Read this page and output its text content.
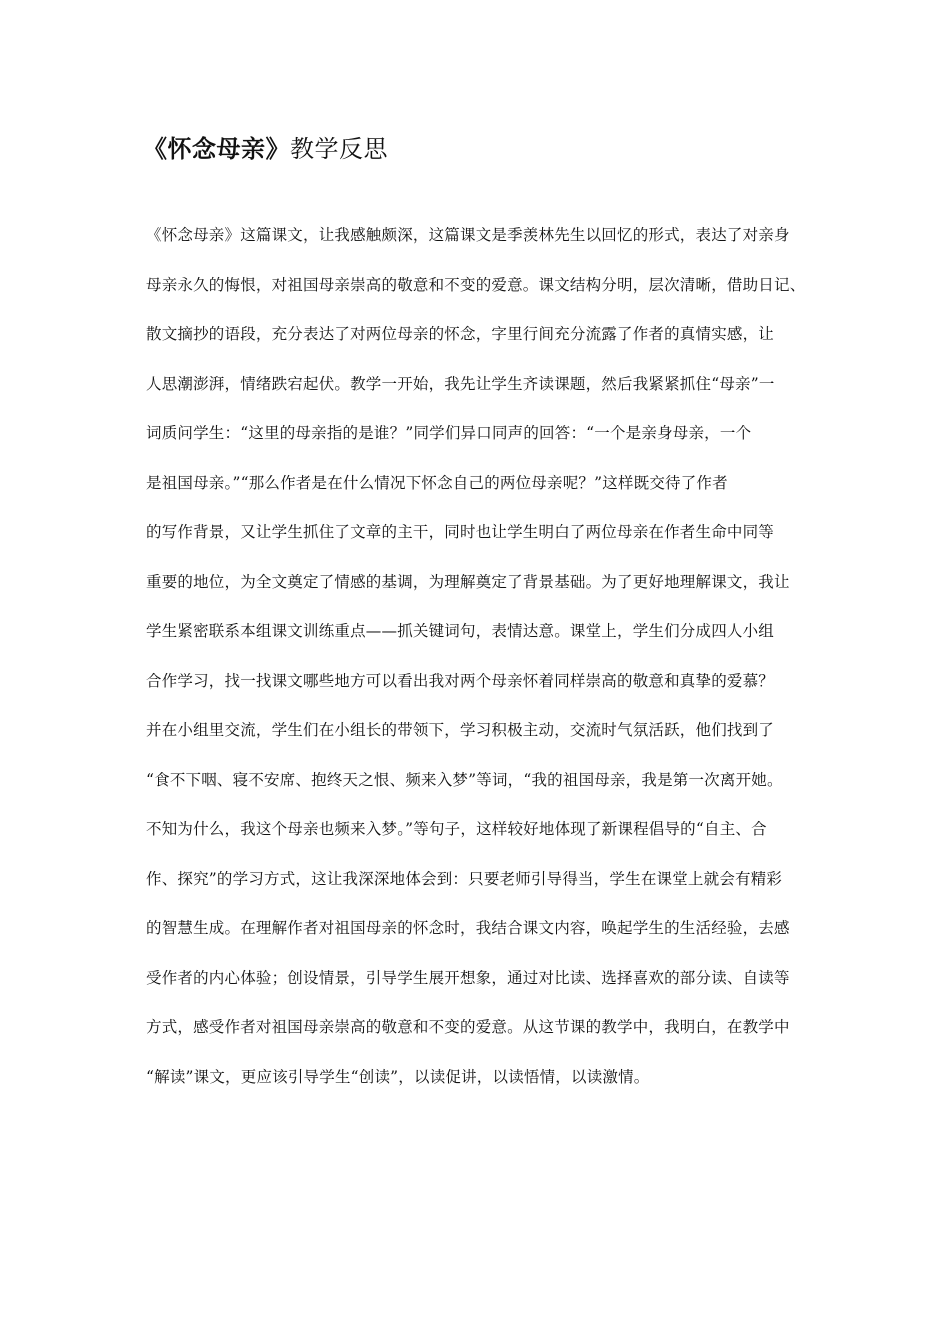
《怀念母亲》教学反思
《怀念母亲》这篇课文，让我感触颇深，这篇课文是季羡林先生以回忆的形式，表达了对亲身
母亲永久的悔恨，对祖国母亲崇高的敬意和不变的爱意。课文结构分明，层次清晰，借助日记、
散文摘抄的语段，充分表达了对两位母亲的怀念，字里行间充分流露了作者的真情实感，让
人思潮澎湃，情绪跌宕起伏。教学一开始，我先让学生齐读课题，然后我紧紧抓住“母亲”一
词质问学生：“这里的母亲指的是谁？”同学们异口同声的回答：“一个是亲身母亲，一个
是祖国母亲。”“那么作者是在什么情况下怀念自己的两位母亲呢？”这样既交待了作者
的写作背景，又让学生抓住了文章的主干，同时也让学生明白了两位母亲在作者生命中同等
重要的地位，为全文奠定了情感的基调，为理解奠定了背景基础。为了更好地理解课文，我让
学生紧密联系本组课文训练重点——抓关键词句，表情达意。课堂上，学生们分成四人小组
合作学习，找一找课文哪些地方可以看出我对两个母亲怀着同样崇高的敬意和真挚的爱慕？
并在小组里交流，学生们在小组长的带领下，学习积极主动，交流时气氛活跃，他们找到了
“食不下咽、寝不安席、抱终天之恨、频来入梦”等词，“我的祖国母亲，我是第一次离开她。
不知为什么，我这个母亲也频来入梦。”等句子，这样较好地体现了新课程倡导的“自主、合
作、探究”的学习方式，这让我深深地体会到：只要老师引导得当，学生在课堂上就会有精彩
的智慧生成。在理解作者对祖国母亲的怀念时，我结合课文内容，唤起学生的生活经验，去感
受作者的内心体验；创设情景，引导学生展开想象，通过对比读、选择喜欢的部分读、自读等
方式，感受作者对祖国母亲崇高的敬意和不变的爱意。从这节课的教学中，我明白，在教学中
“解读”课文，更应该引导学生“创读”，以读促讲，以读悟情，以读激情。
